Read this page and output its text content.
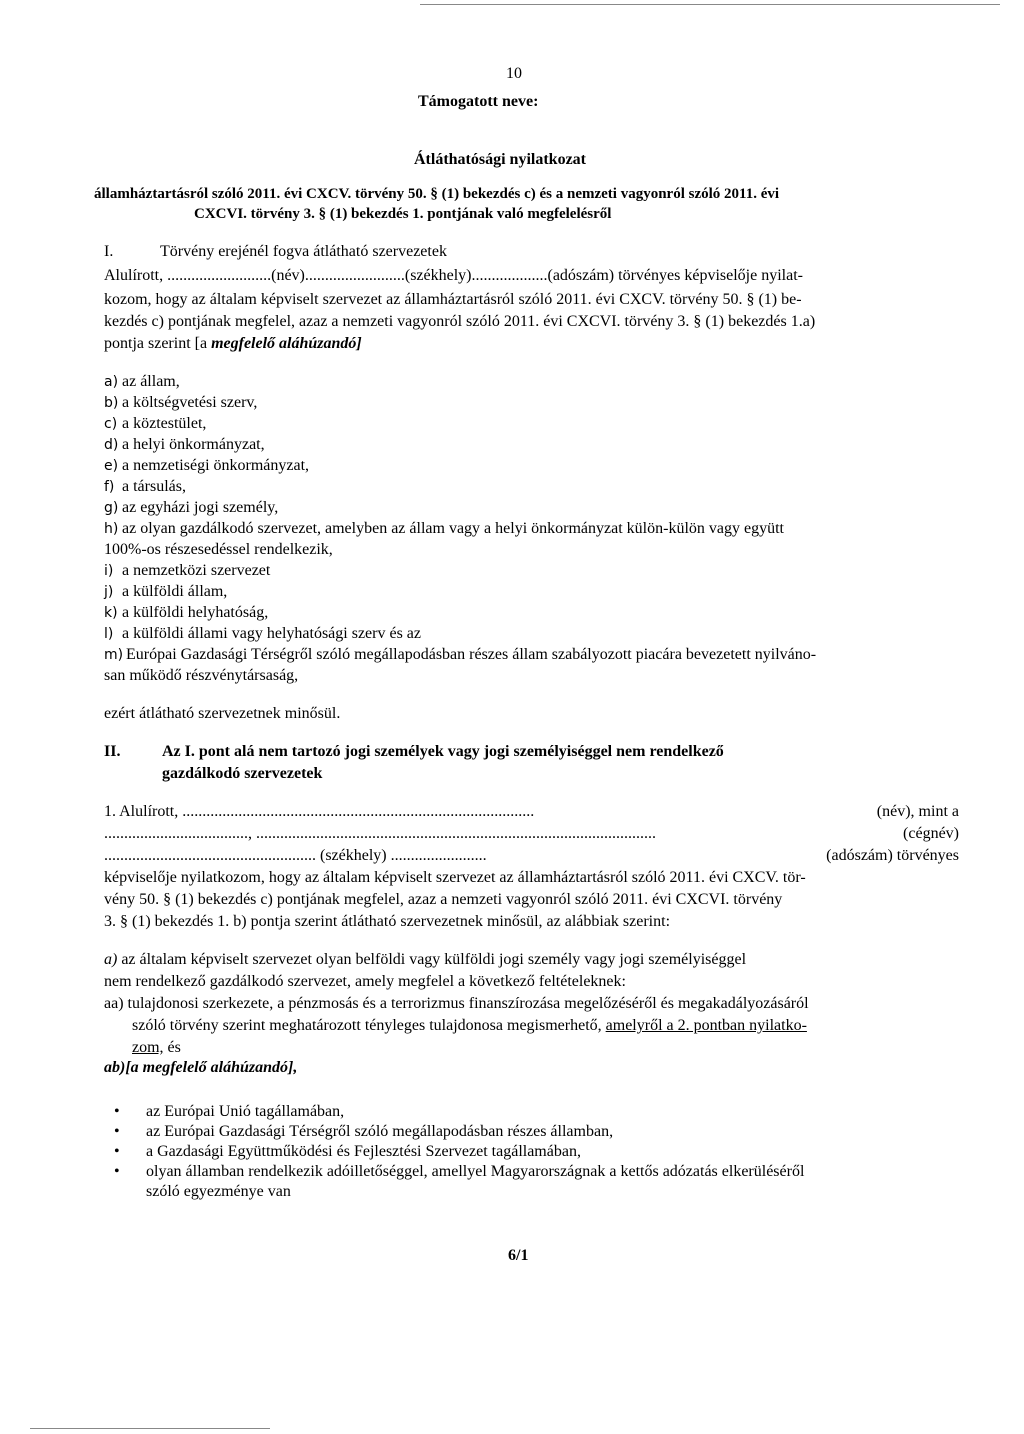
10
Támogatott neve:
Átláthatósági nyilatkozat
államháztartásról szóló 2011. évi CXCV. törvény 50. § (1) bekezdés c) és a nemzeti vagyonról szóló 2011. évi
CXCVI. törvény 3. § (1) bekezdés 1. pontjának való megfelelésről
I.	Törvény erejénél fogva átlátható szervezetek
Alulírott, ..........................(név).........................(székhely)...................(adószám) törvényes képviselője nyilat-
kozom, hogy az általam képviselt szervezet az államháztartásról szóló 2011. évi CXCV. törvény 50. § (1) be-
kezdés c) pontjának megfelel, azaz a nemzeti vagyonról szóló 2011. évi CXCVI. törvény 3. § (1) bekezdés 1.a)
pontja szerint [a megfelelő aláhúzandó]
a) az állam,
b) a költségvetési szerv,
c) a köztestület,
d) a helyi önkormányzat,
e) a nemzetiségi önkormányzat,
f) a társulás,
g) az egyházi jogi személy,
h) az olyan gazdálkodó szervezet, amelyben az állam vagy a helyi önkormányzat külön-külön vagy együtt
100%-os részesedéssel rendelkezik,
i) a nemzetközi szervezet
j) a külföldi állam,
k) a külföldi helyhatóság,
l) a külföldi állami vagy helyhatósági szerv és az
m) Európai Gazdasági Térségről szóló megállapodásban részes állam szabályozott piacára bevezetett nyilváno-
san működő részvénytársaság,
ezért átlátható szervezetnek minősül.
II.	Az I. pont alá nem tartozó jogi személyek vagy jogi személyiséggel nem rendelkező
gazdálkodó szervezetek
1. Alulírott, ........................................................................................	(név), mint a
...................................., ....................................................................................................	(cégnév)
..................................................... (székhely) ........................	(adószám) törvényes
képviselője nyilatkozom, hogy az általam képviselt szervezet az államháztartásról szóló 2011. évi CXCV. tör-
vény 50. § (1) bekezdés c) pontjának megfelel, azaz a nemzeti vagyonról szóló 2011. évi CXCVI. törvény
3. § (1) bekezdés 1. b) pontja szerint átlátható szervezetnek minősül, az alábbiak szerint:
a) az általam képviselt szervezet olyan belföldi vagy külföldi jogi személy vagy jogi személyiséggel
nem rendelkező gazdálkodó szervezet, amely megfelel a következő feltételeknek:
aa) tulajdonosi szerkezete, a pénzmosás és a terrorizmus finanszírozása megelőzéséről és megakadályozásáról
szóló törvény szerint meghatározott tényleges tulajdonosa megismerhető, amelyről a 2. pontban nyilatko-
zom, és
ab)[a megfelelő aláhúzandó],
• az Európai Unió tagállamában,
• az Európai Gazdasági Térségről szóló megállapodásban részes államban,
• a Gazdasági Együttműködési és Fejlesztési Szervezet tagállamában,
• olyan államban rendelkezik adóilletőséggel, amellyel Magyarországnak a kettős adózatás elkerüléséről
szóló egyezménye van
6/1
